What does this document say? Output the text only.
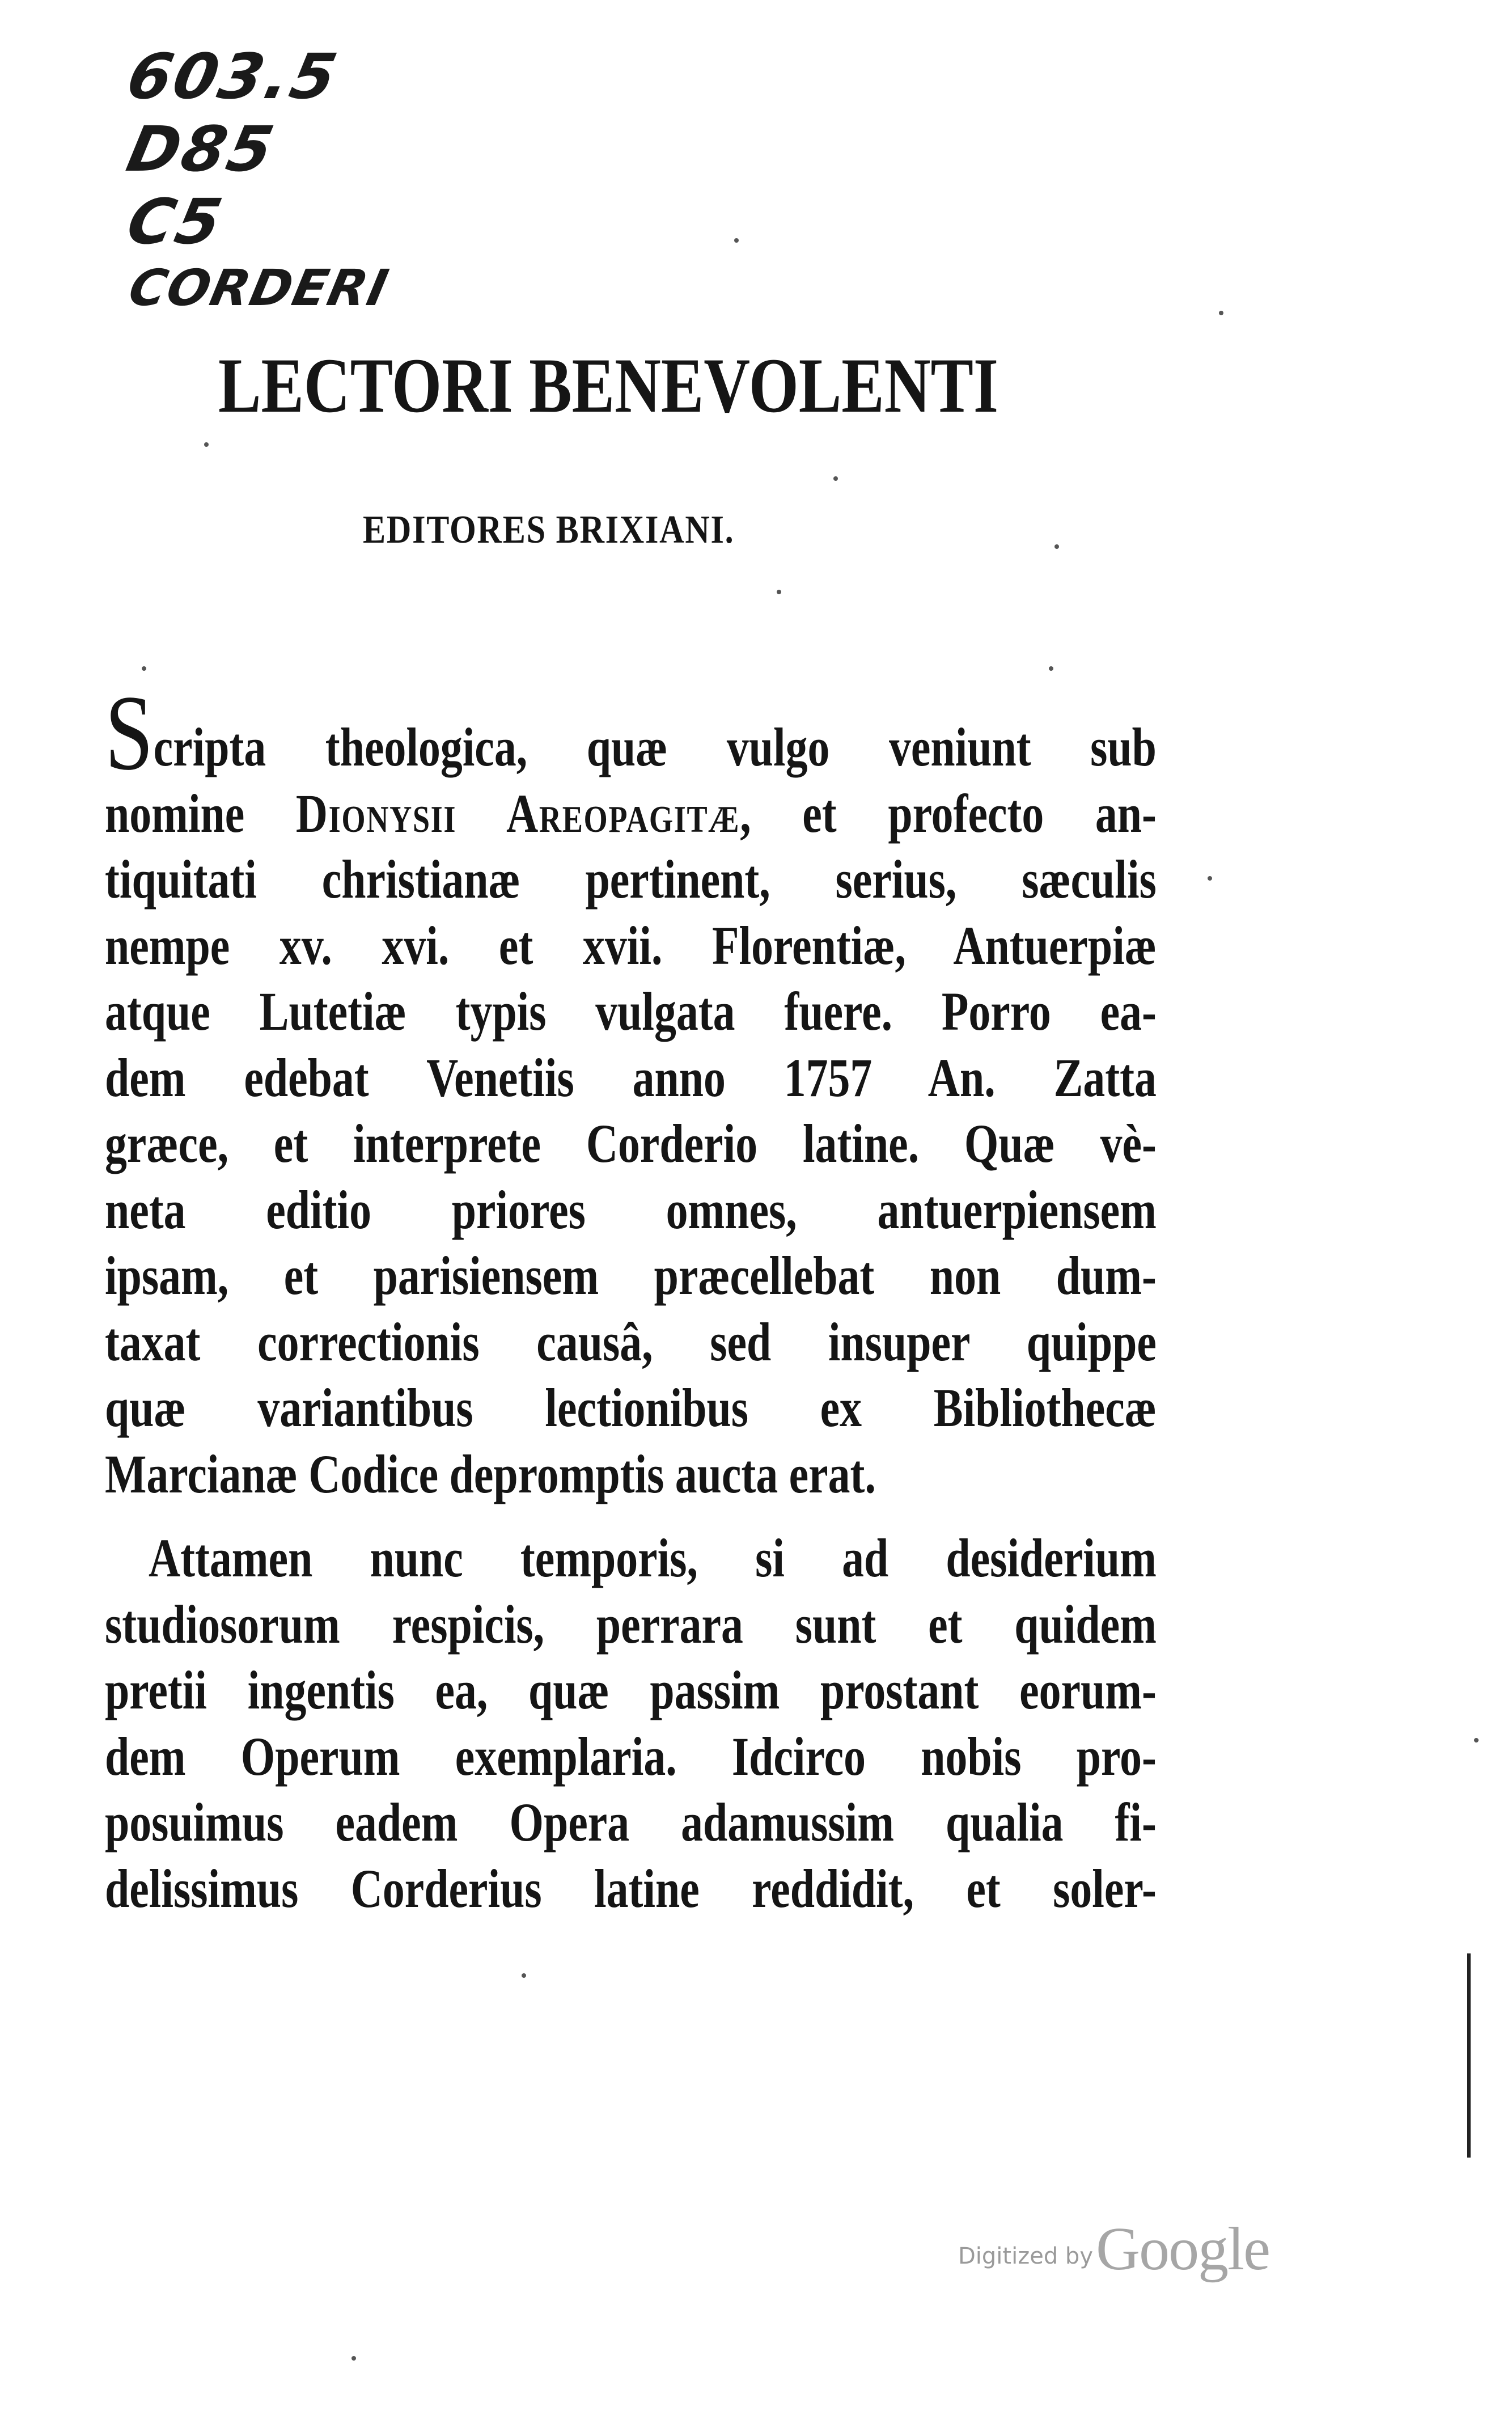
603.5
D85
C5
CORDERI
LECTORI BENEVOLENTI
EDITORES BRIXIANI.
Scripta theologica, quæ vulgo veniunt sub
nomine Dionysii Areopagitæ, et profecto an-
tiquitati christianæ pertinent, serius, sæculis
nempe xv. xvi. et xvii. Florentiæ, Antuerpiæ
atque Lutetiæ typis vulgata fuere. Porro ea-
dem edebat Venetiis anno 1757 An. Zatta
græce, et interprete Corderio latine. Quæ vè-
neta editio priores omnes, antuerpiensem
ipsam, et parisiensem præcellebat non dum-
taxat correctionis causâ, sed insuper quippe
quæ variantibus lectionibus ex Bibliothecæ
Marcianæ Codice depromptis aucta erat.
Attamen nunc temporis, si ad desiderium
studiosorum respicis, perrara sunt et quidem
pretii ingentis ea, quæ passim prostant eorum-
dem Operum exemplaria. Idcirco nobis pro-
posuimus eadem Opera adamussim qualia fi-
delissimus Corderius latine reddidit, et soler-
Digitized by Google
